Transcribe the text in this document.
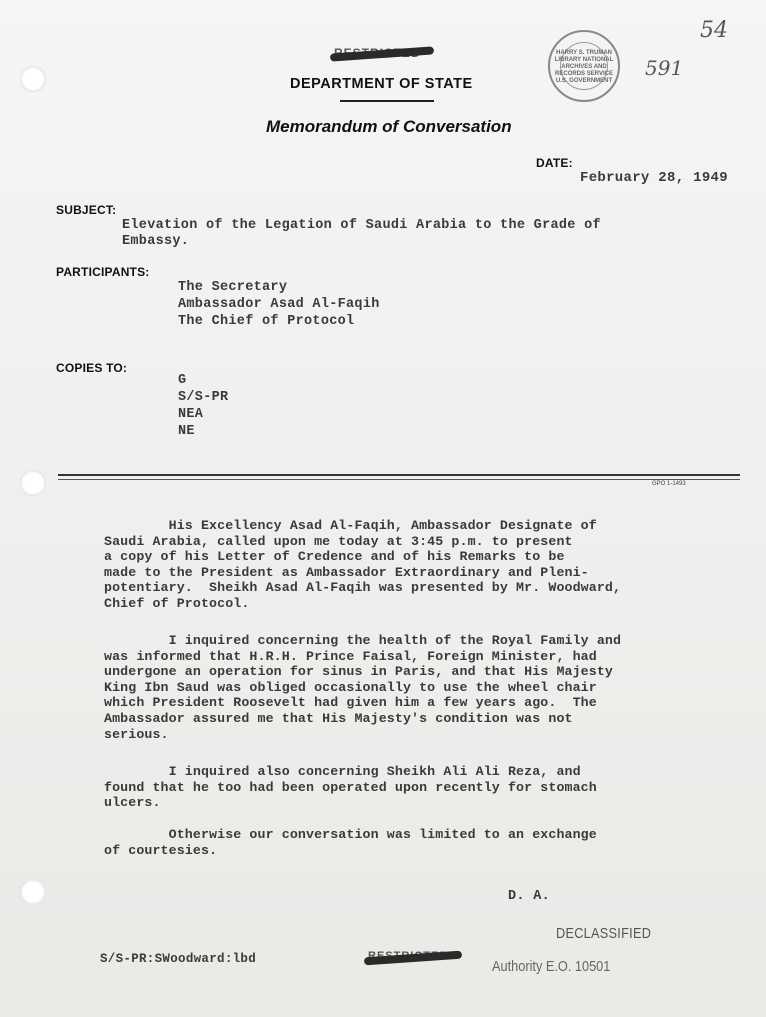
DEPARTMENT OF STATE
Memorandum of Conversation
HARRY S. TRUMAN LIBRARY NATIONAL ARCHIVES AND RECORDS SERVICE U.S. GOVERNMENT
54
591
DATE:
February 28, 1949
SUBJECT:
Elevation of the Legation of Saudi Arabia to the Grade of
Embassy.
PARTICIPANTS:
The Secretary
Ambassador Asad Al-Faqih
The Chief of Protocol
COPIES TO:
G
S/S-PR
NEA
NE
GPO 1-1493
His Excellency Asad Al-Faqih, Ambassador Designate of
Saudi Arabia, called upon me today at 3:45 p.m. to present
a copy of his Letter of Credence and of his Remarks to be
made to the President as Ambassador Extraordinary and Pleni-
potentiary.  Sheikh Asad Al-Faqih was presented by Mr. Woodward,
Chief of Protocol.
I inquired concerning the health of the Royal Family and
was informed that H.R.H. Prince Faisal, Foreign Minister, had
undergone an operation for sinus in Paris, and that His Majesty
King Ibn Saud was obliged occasionally to use the wheel chair
which President Roosevelt had given him a few years ago.  The
Ambassador assured me that His Majesty's condition was not
serious.
I inquired also concerning Sheikh Ali Ali Reza, and
found that he too had been operated upon recently for stomach
ulcers.
Otherwise our conversation was limited to an exchange
of courtesies.
D. A.
S/S-PR:SWoodward:lbd
DECLASSIFIED
Authority E.O. 10501
